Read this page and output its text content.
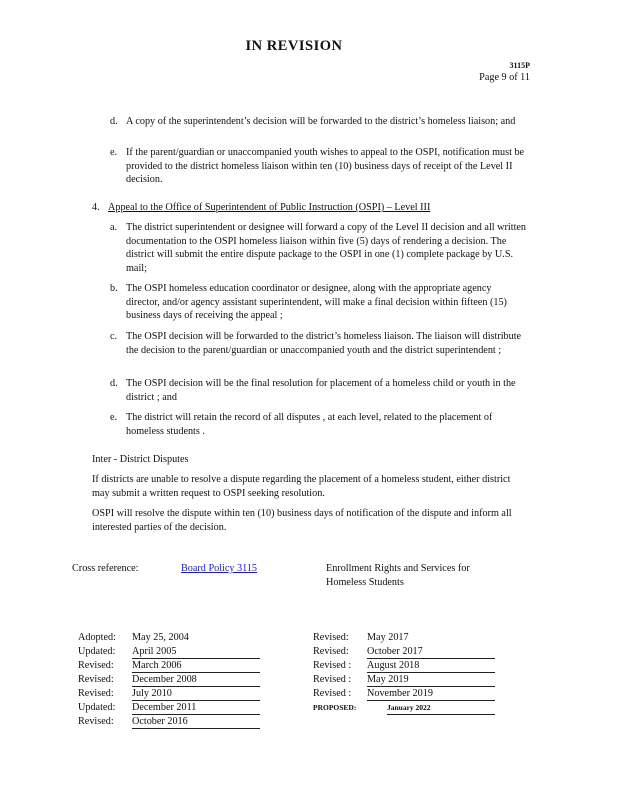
IN REVISION
3115P
Page 9 of 11
d. A copy of the superintendent’s decision will be forwarded to the district’s homeless liaison; and
e. If the parent/guardian or unaccompanied youth wishes to appeal to the OSPI, notification must be provided to the district homeless liaison within ten (10) business days of receipt of the Level II decision.
4. Appeal to the Office of Superintendent of Public Instruction (OSPI) – Level III
a. The district superintendent or designee will forward a copy of the Level II decision and all written documentation to the OSPI homeless liaison within five (5) days of rendering a decision. The district will submit the entire dispute package to the OSPI in one (1) complete package by U.S. mail;
b. The OSPI homeless education coordinator or designee, along with the appropriate agency director, and/or agency assistant superintendent, will make a final decision within fifteen (15) business days of receiving the appeal ;
c. The OSPI decision will be forwarded to the district’s homeless liaison. The liaison will distribute the decision to the parent/guardian or unaccompanied youth and the district superintendent ;
d. The OSPI decision will be the final resolution for placement of a homeless child or youth in the district ; and
e. The district will retain the record of all disputes , at each level, related to the placement of homeless students .
Inter - District Disputes
If districts are unable to resolve a dispute regarding the placement of a homeless student, either district may submit a written request to OSPI seeking resolution.
OSPI will resolve the dispute within ten (10) business days of notification of the dispute and inform all interested parties of the decision.
Cross reference:	Board Policy 3115	Enrollment Rights and Services for Homeless Students
Adopted: May 25, 2004
Updated: April 2005
Revised: March 2006
Revised: December 2008
Revised: July 2010
Updated: December 2011
Revised: October 2016
Revised: May 2017
Revised: October 2017
Revised : August 2018
Revised : May 2019
Revised : November 2019
PROPOSED:	January 2022
